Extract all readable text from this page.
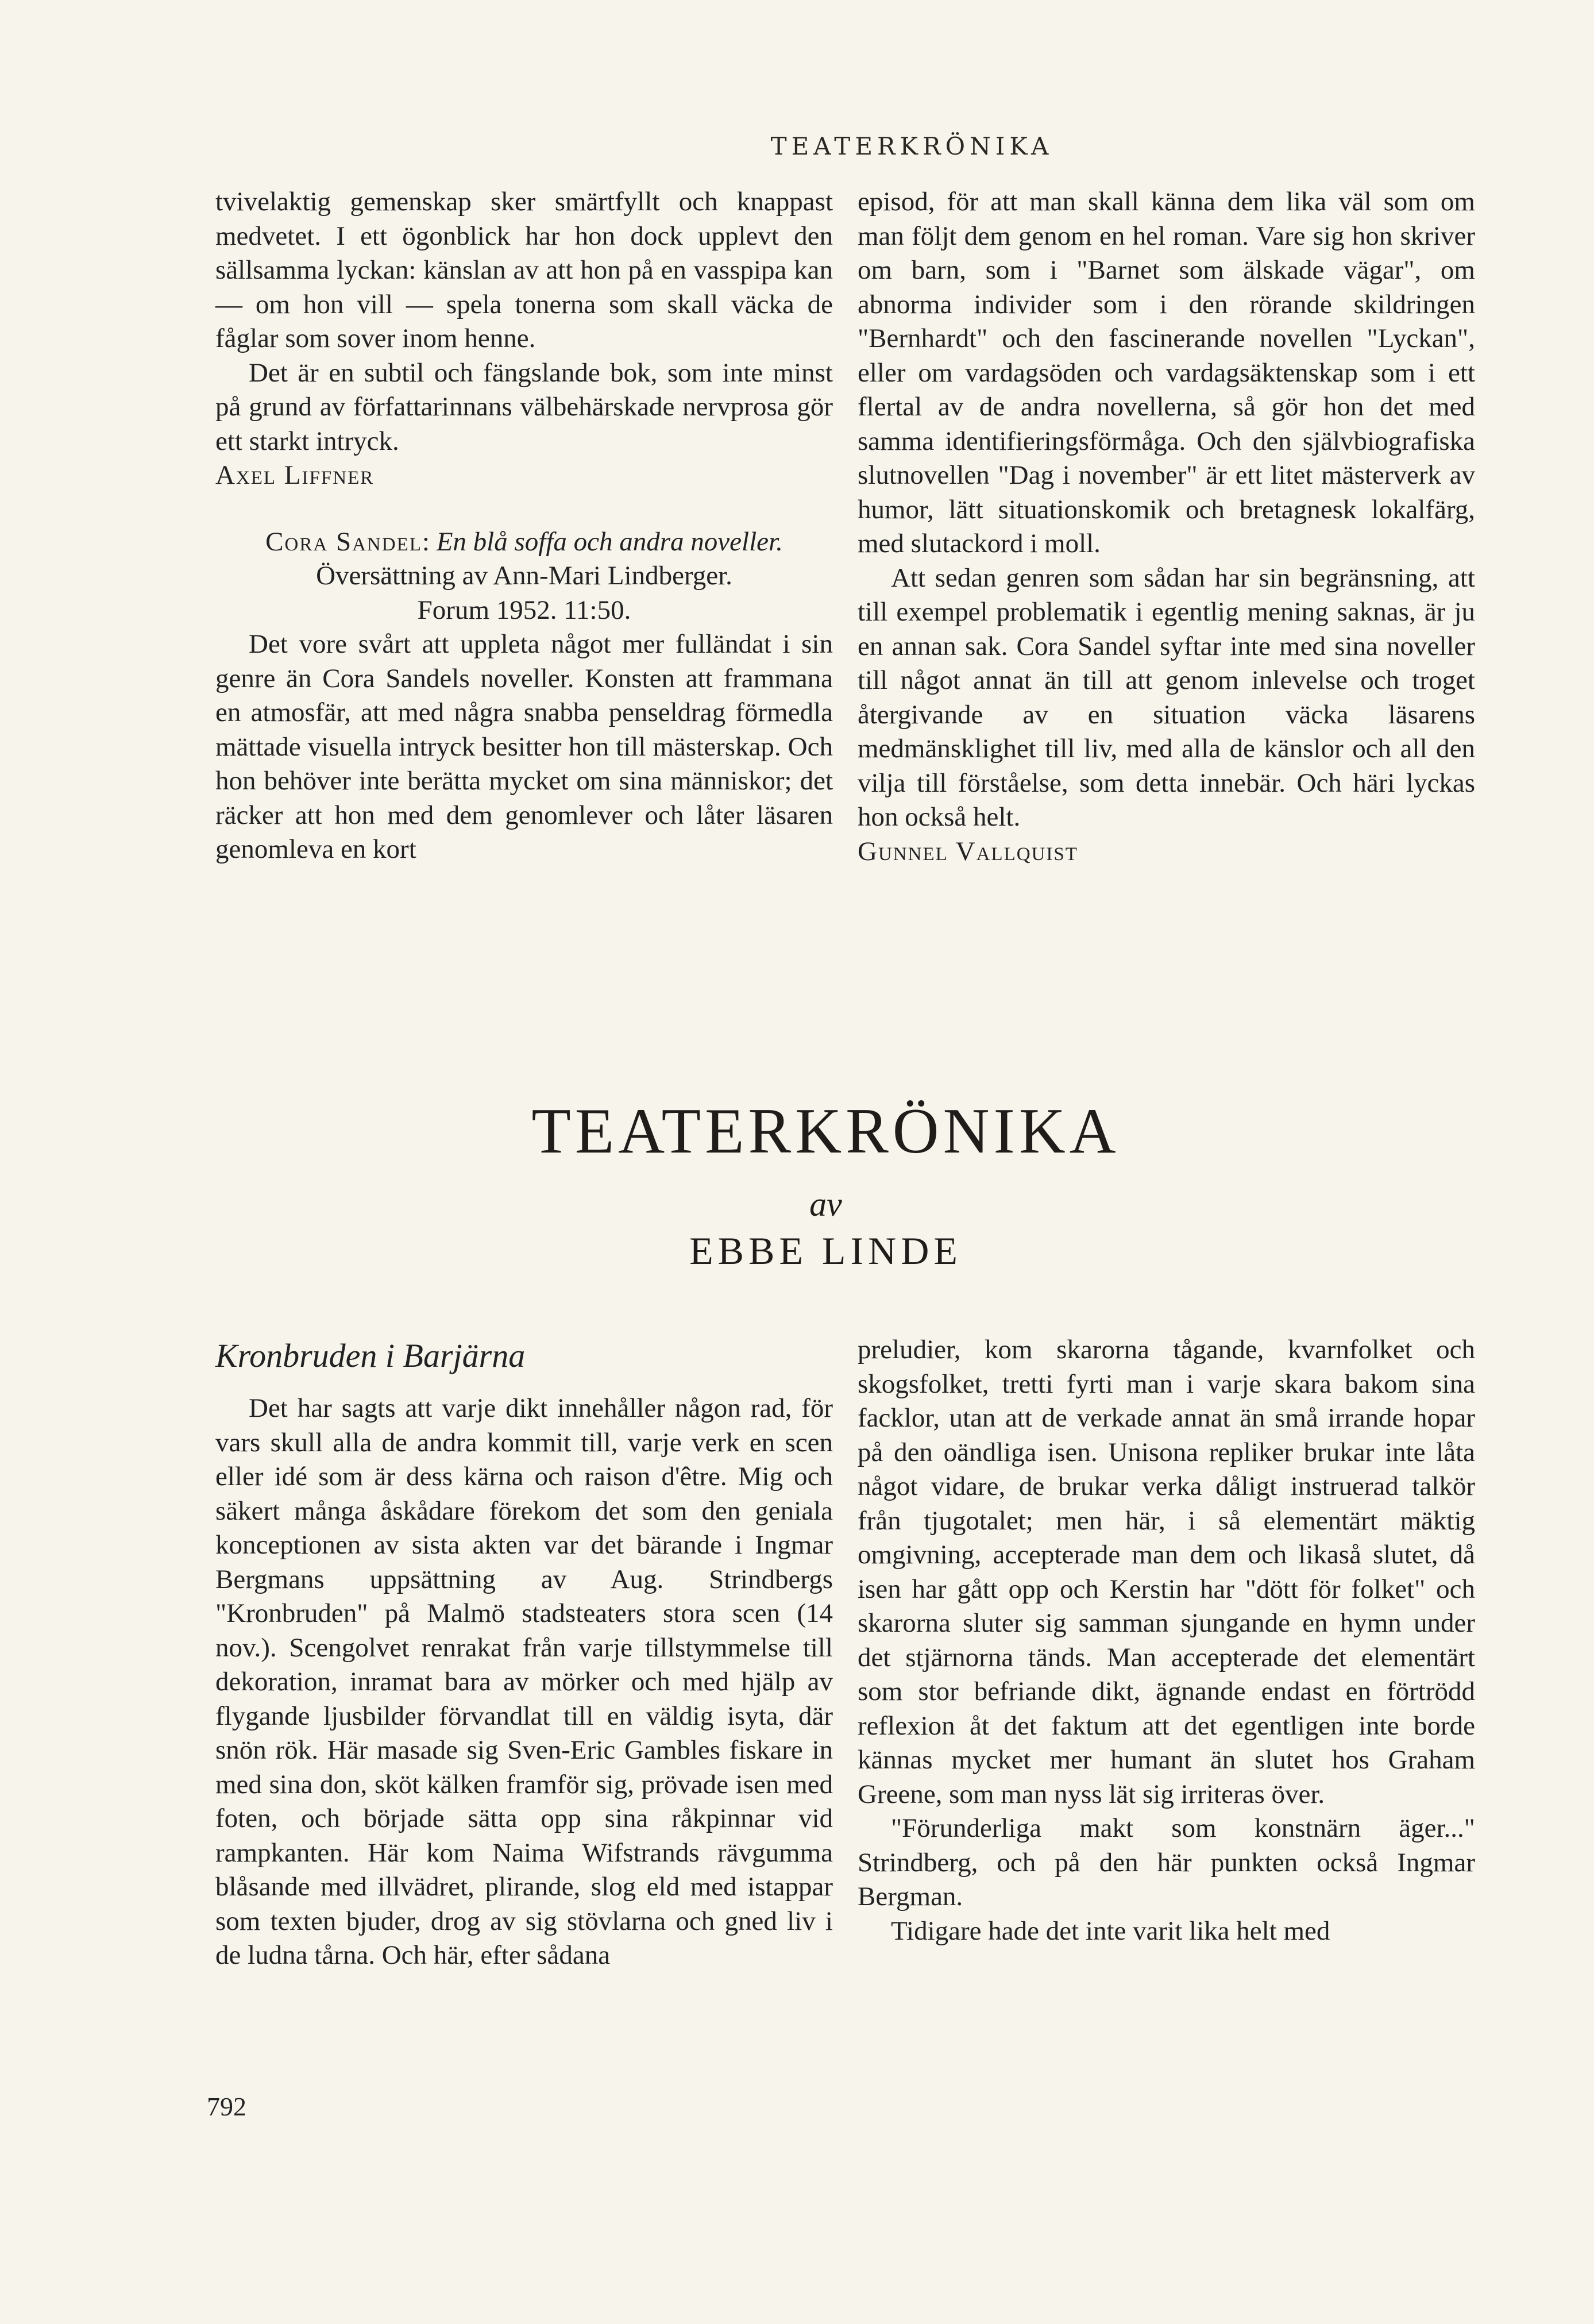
TEATERKRÖNIKA

tvivelaktig gemenskap sker smärtfyllt och knappast medvetet. I ett ögonblick har hon dock upplevt den sällsamma lyckan: känslan av att hon på en vasspipa kan — om hon vill — spela tonerna som skall väcka de fåglar som sover inom henne.

Det är en subtil och fängslande bok, som inte minst på grund av författarinnans välbehärskade nervprosa gör ett starkt intryck.

Axel Liffner

Cora Sandel: En blå soffa och andra noveller.
Översättning av Ann-Mari Lindberger.
Forum 1952. 11:50.

Det vore svårt att uppleta något mer fulländat i sin genre än Cora Sandels noveller. Konsten att frammana en atmosfär, att med några snabba penseldrag förmedla mättade visuella intryck besitter hon till mästerskap. Och hon behöver inte berätta mycket om sina människor; det räcker att hon med dem genomlever och låter läsaren genomleva en kort

episod, för att man skall känna dem lika väl som om man följt dem genom en hel roman. Vare sig hon skriver om barn, som i "Barnet som älskade vägar", om abnorma individer som i den rörande skildringen "Bernhardt" och den fascinerande novellen "Lyckan", eller om vardagsöden och vardagsäktenskap som i ett flertal av de andra novellerna, så gör hon det med samma identifieringsförmåga. Och den självbiografiska slutnovellen "Dag i november" är ett litet mästerverk av humor, lätt situationskomik och bretagnesk lokalfärg, med slutackord i moll.

Att sedan genren som sådan har sin begränsning, att till exempel problematik i egentlig mening saknas, är ju en annan sak. Cora Sandel syftar inte med sina noveller till något annat än till att genom inlevelse och troget återgivande av en situation väcka läsarens medmänsklighet till liv, med alla de känslor och all den vilja till förståelse, som detta innebär. Och häri lyckas hon också helt.

Gunnel Vallquist

TEATERKRÖNIKA
av
EBBE LINDE
Kronbruden i Barjärna

Det har sagts att varje dikt innehåller någon rad, för vars skull alla de andra kommit till, varje verk en scen eller idé som är dess kärna och raison d'être. Mig och säkert många åskådare förekom det som den geniala konceptionen av sista akten var det bärande i Ingmar Bergmans uppsättning av Aug. Strindbergs "Kronbruden" på Malmö stadsteaters stora scen (14 nov.). Scengolvet renrakat från varje tillstymmelse till dekoration, inramat bara av mörker och med hjälp av flygande ljusbilder förvandlat till en väldig isyta, där snön rök. Här masade sig Sven-Eric Gambles fiskare in med sina don, sköt kälken framför sig, prövade isen med foten, och började sätta opp sina råkpinnar vid rampkanten. Här kom Naima Wifstrands rävgumma blåsande med illvädret, plirande, slog eld med istappar som texten bjuder, drog av sig stövlarna och gned liv i de ludna tårna. Och här, efter sådana

preludier, kom skarorna tågande, kvarnfolket och skogsfolket, tretti fyrti man i varje skara bakom sina facklor, utan att de verkade annat än små irrande hopar på den oändliga isen. Unisona repliker brukar inte låta något vidare, de brukar verka dåligt instruerad talkör från tjugotalet; men här, i så elementärt mäktig omgivning, accepterade man dem och likaså slutet, då isen har gått opp och Kerstin har "dött för folket" och skarorna sluter sig samman sjungande en hymn under det stjärnorna tänds. Man accepterade det elementärt som stor befriande dikt, ägnande endast en förtrödd reflexion åt det faktum att det egentligen inte borde kännas mycket mer humant än slutet hos Graham Greene, som man nyss lät sig irriteras över.

"Förunderliga makt som konstnärn äger..." Strindberg, och på den här punkten också Ingmar Bergman.

Tidigare hade det inte varit lika helt med

792
